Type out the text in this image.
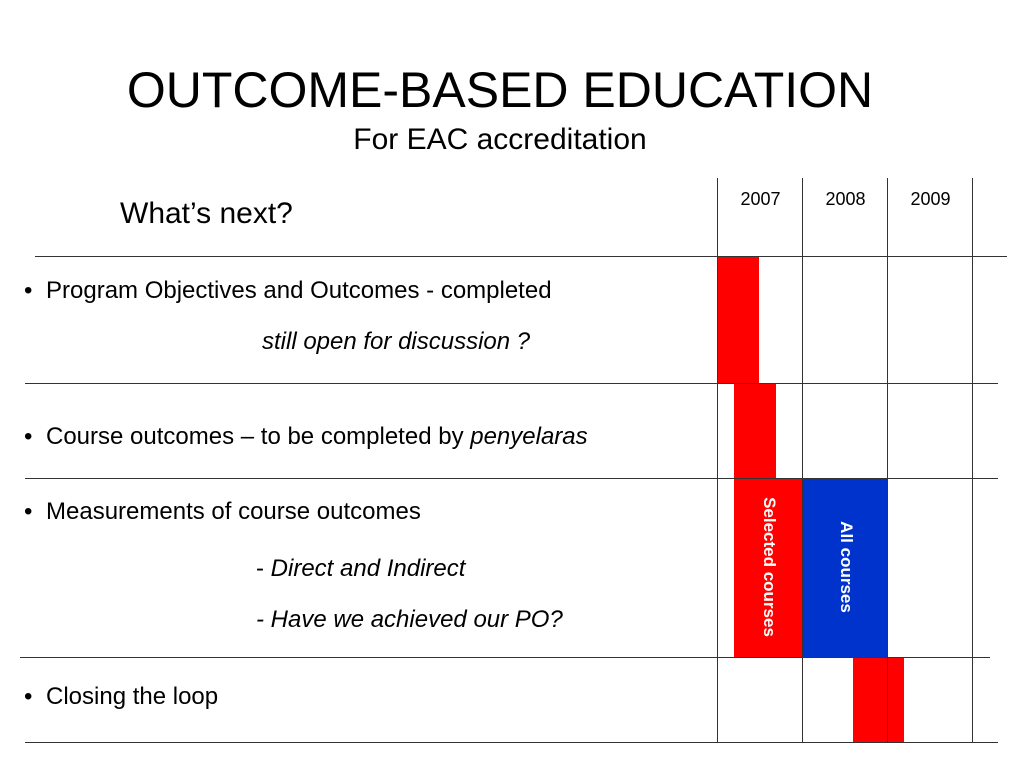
OUTCOME-BASED EDUCATION
For EAC accreditation
What’s next?	2007	2008	2009
Selected courses	All courses
• Program Objectives and Outcomes - completed
still open for discussion ?
• Course outcomes – to be completed by penyelaras
• Measurements of course outcomes
- Direct and Indirect
- Have we achieved our PO?
• Closing the loop
